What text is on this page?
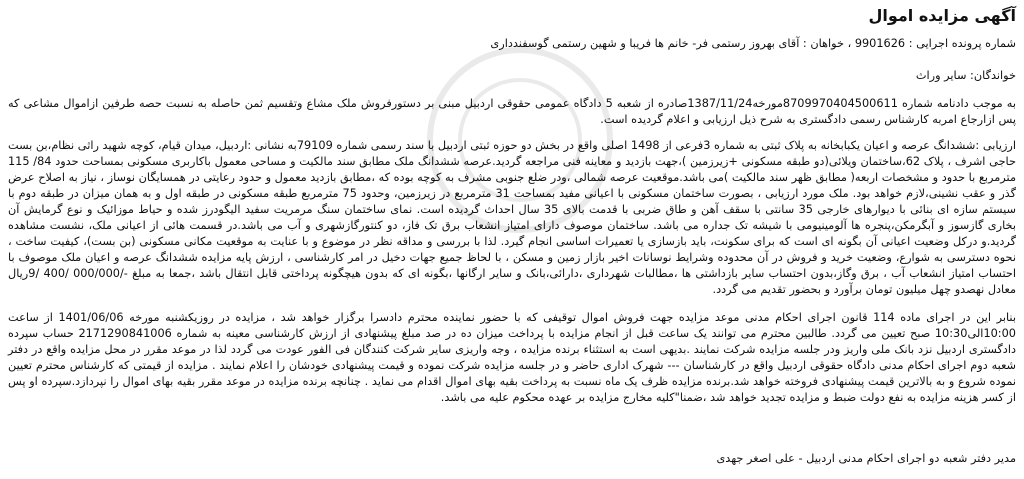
آگهی مزایده اموال

شماره پرونده اجرایی : 9901626 ، خواهان : آقای بهروز رستمی فر- خانم ها فریبا و شهین رستمی گوسفندداری

خواندگان: سایر وراث

به موجب دادنامه شماره 8709970404500611مورخه1387/11/24صادره از شعبه 5 دادگاه عمومی حقوقی اردبیل مبنی بر دستورفروش ملک مشاع وتقسیم ثمن حاصله به نسبت حصه طرفین ازاموال مشاعی که پس ازارجاع امربه کارشناس رسمی دادگستری به شرح ذیل ارزیابی و اعلام گردیده است.

ارزیابی :ششدانگ عرصه و اعیان یکبابخانه به پلاک ثبتی به شماره 3فرعی از 1498 اصلی واقع در بخش دو حوزه ثبتی اردبیل با سند رسمی شماره 79109به نشانی :اردبیل، میدان قیام، کوچه شهید راثی نظام،بن بست حاجی اشرف ، پلاک 62،ساختمان ویلائی(دو طبقه مسکونی +زیرزمین )،جهت بازدید و معاینه فنی مراجعه گردید.عرصه ششدانگ ملک مطابق سند مالکیت و مساحی معمول باکاربری مسکونی بمساحت حدود 84/ 115 مترمربع با حدود و مشخصات اربعه( مطابق ظهر سند مالکیت )می باشد.موقعیت عرصه شمالی ،ودر ضلع جنوبی مشرف به کوچه بوده که ،مطابق بازدید معمول و حدود رعایتی در همسایگان نوساز ، نیاز به اصلاح عرض گذر و عقب نشینی،لازم خواهد بود. ملک مورد ارزیابی ، بصورت ساختمان مسکونی با اعیانی مفید بمساحت 31 مترمربع در زیرزمین، وحدود 75 مترمربع طبقه مسکونی در طبقه اول و به همان میزان در طبقه دوم با سیستم سازه ای بنائی با دیوارهای خارجی 35 سانتی با سقف آهن و طاق ضربی با قدمت بالای 35 سال احداث گردیده است. نمای ساختمان سنگ مرمریت سفید الیگودرز شده و حیاط موزائیک و نوع گرمایش آن بخاری گازسوز و آبگرمکن،پنجره ها آلومینیومی با شیشه تک جداره می باشد. ساختمان موصوف دارای امتیاز انشعاب برق تک فاز، دو کنتورگازشهری و آب می باشد.در قسمت هائی از اعیانی ملک، نشست مشاهده گردید.و درکل وضعیت اعیانی آن بگونه ای است که برای سکونت، باید بازسازی یا تعمیرات اساسی انجام گیرد. لذا با بررسی و مداقه نظر در موضوع و با عنایت به موقعیت مکانی مسکونی (بن بست)، کیفیت ساخت ، نحوه دسترسی به شوارع، وضعیت خرید و فروش در آن محدوده وشرایط نوسانات اخیر بازار زمین و مسکن ، با لحاظ جمیع جهات دخیل در امر کارشناسی ، ارزش پایه مزایده ششدانگ عرصه و اعیان ملک موصوف با احتساب امتیاز انشعاب آب ، برق وگاز،بدون احتساب سایر بازداشتی ها ،مطالبات شهرداری ،دارائی،بانک و سایر ارگانها ،بگونه ای که بدون هیچگونه پرداختی قابل انتقال باشد ،جمعا به مبلغ -/000/000 /400 /9ریال معادل نهصدو چهل میلیون تومان برآورد و بحضور تقدیم می گردد.

بنابر این در اجرای ماده 114 قانون اجرای احکام مدنی موعد مزایده جهت فروش اموال توقیفی که با حضور نماینده محترم دادسرا برگزار خواهد شد ، مزایده در روزیکشنبه مورخه 1401/06/06 از ساعت 10:00الی10:30 صبح تعیین می گردد. طالبین محترم می توانند یک ساعت قبل از انجام مزایده با پرداخت میزان ده در صد مبلغ پیشنهادی از ارزش کارشناسی معینه به شماره 2171290841006 حساب سپرده دادگستری اردبیل نزد بانک ملی واریز ودر جلسه مزایده شرکت نمایند .بدیهی است به استثناء برنده مزایده ، وجه واریزی سایر شرکت کنندگان فی الفور عودت می گردد لذا در موعد مقرر در محل مزایده واقع در دفتر شعبه دوم اجرای احکام مدنی دادگاه حقوقی اردبیل واقع در کارشناسان --- شهرک اداری حاضر و در جلسه مزایده شرکت نموده و قیمت پیشنهادی خودشان را اعلام نمایند . مزایده از قیمتی که کارشناس محترم تعیین نموده شروع و به بالاترین قیمت پیشنهادی فروخته خواهد شد.برنده مزایده ظرف یک ماه نسبت به پرداخت بقیه بهای اموال اقدام می نماید . چنانچه برنده مزایده در موعد مقرر بقیه بهای اموال را نپردازد.سپرده او پس از کسر هزینه مزایده به نفع دولت ضبط و مزایده تجدید خواهد شد ،ضمنا"کلیه مخارج مزایده بر عهده محکوم علیه می باشد.

مدیر دفتر شعبه دو اجرای احکام مدنی اردبیل - علی اصغر جهدی
